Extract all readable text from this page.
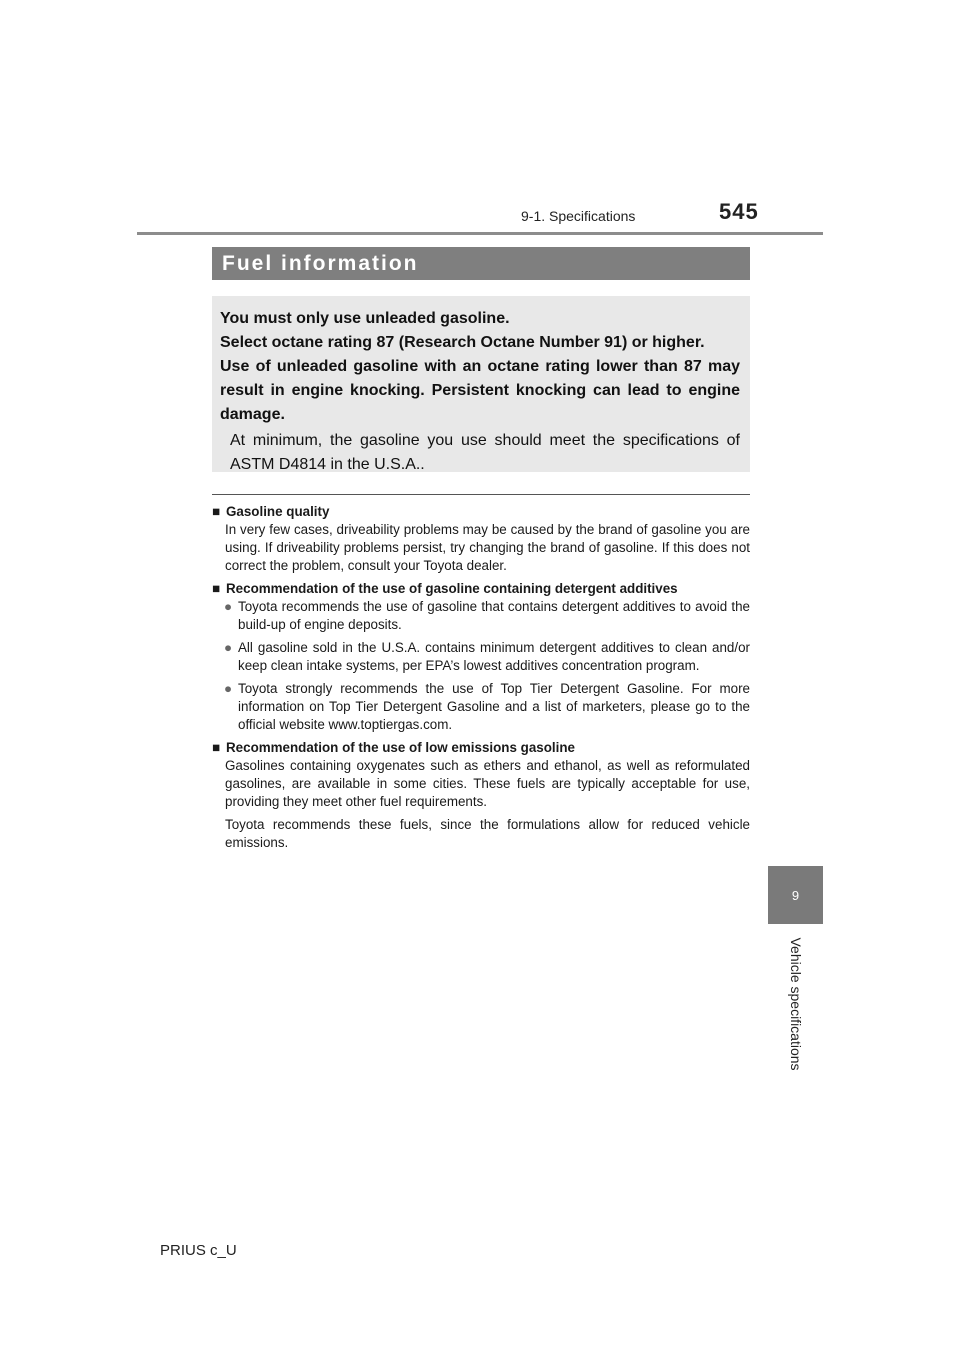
9-1. Specifications	545
9
Vehicle specifications
Fuel information
You must only use unleaded gasoline.
Select octane rating 87 (Research Octane Number 91) or higher.
Use of unleaded gasoline with an octane rating lower than 87 may result in engine knocking. Persistent knocking can lead to engine damage.
At minimum, the gasoline you use should meet the specifications of ASTM D4814 in the U.S.A..
■ Gasoline quality
In very few cases, driveability problems may be caused by the brand of gasoline you are using. If driveability problems persist, try changing the brand of gasoline. If this does not correct the problem, consult your Toyota dealer.
■ Recommendation of the use of gasoline containing detergent additives
● Toyota recommends the use of gasoline that contains detergent additives to avoid the build-up of engine deposits.
● All gasoline sold in the U.S.A. contains minimum detergent additives to clean and/or keep clean intake systems, per EPA’s lowest additives concentration program.
● Toyota strongly recommends the use of Top Tier Detergent Gasoline. For more information on Top Tier Detergent Gasoline and a list of marketers, please go to the official website www.toptiergas.com.
■ Recommendation of the use of low emissions gasoline
Gasolines containing oxygenates such as ethers and ethanol, as well as reformulated gasolines, are available in some cities. These fuels are typically acceptable for use, providing they meet other fuel requirements.
Toyota recommends these fuels, since the formulations allow for reduced vehicle emissions.
PRIUS c_U
